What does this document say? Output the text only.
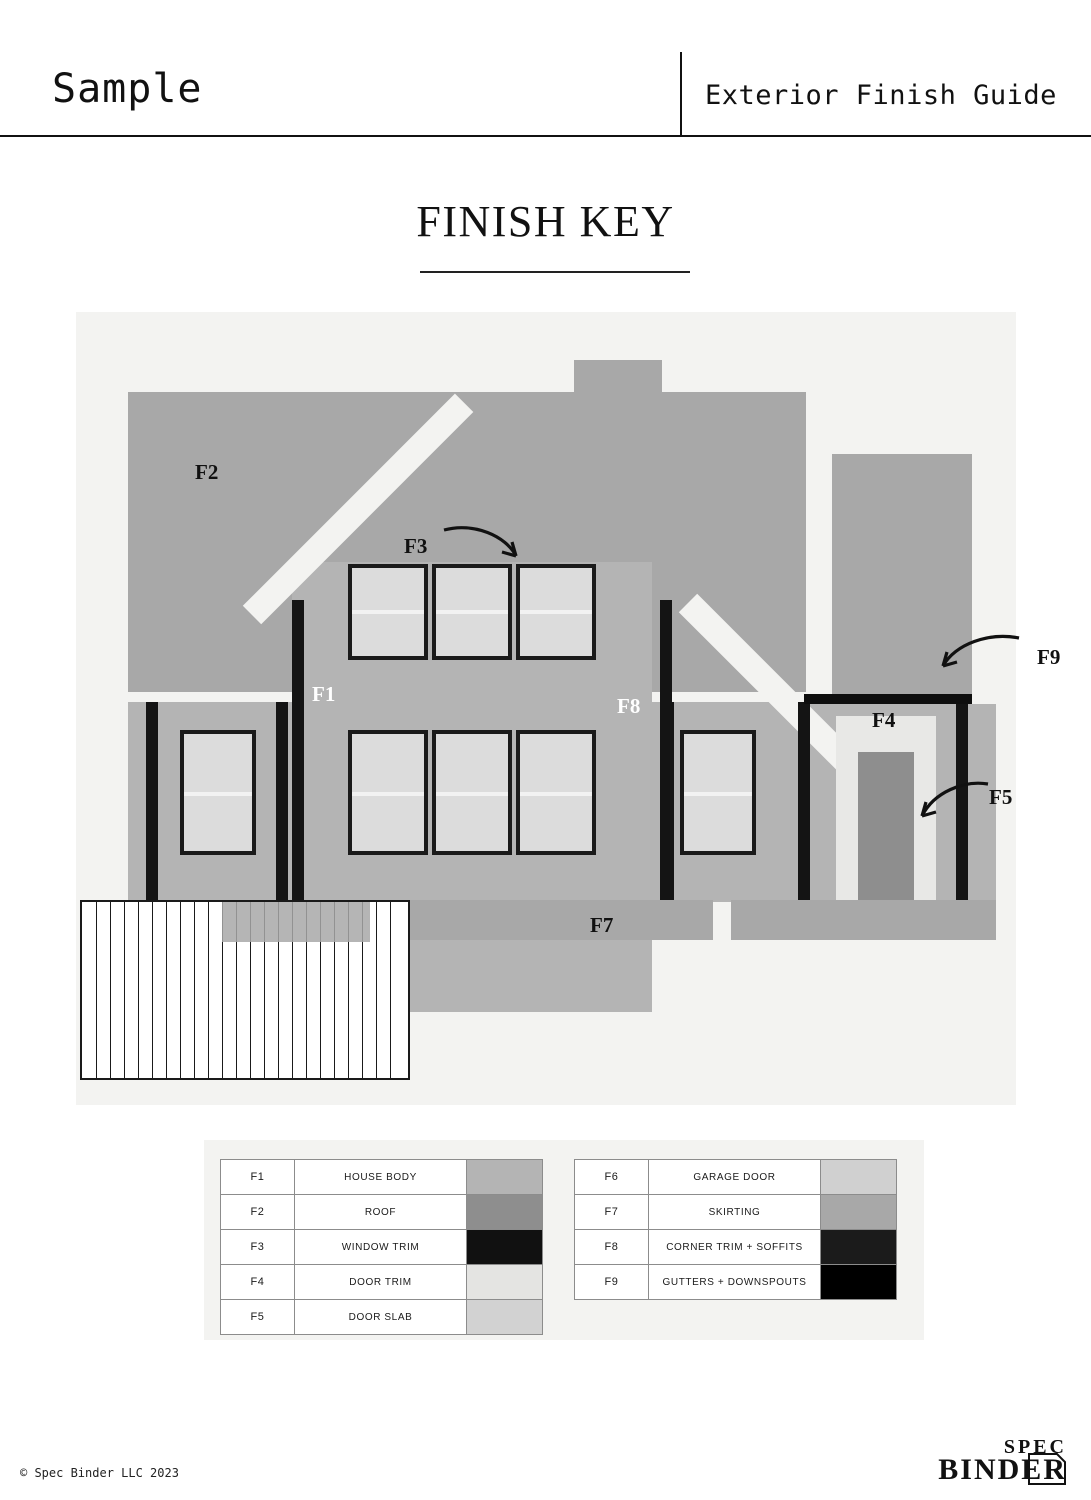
Sample	Exterior Finish Guide
FINISH KEY
F2
F3
F1	F8
F4
F5
F7
F9
F1	HOUSE BODY	
F2	ROOF	
F3	WINDOW TRIM	
F4	DOOR TRIM	
F5	DOOR SLAB	
F6	GARAGE DOOR	
F7	SKIRTING	
F8	CORNER TRIM + SOFFITS	
F9	GUTTERS + DOWNSPOUTS	
© Spec Binder LLC 2023
SPEC
BINDER
